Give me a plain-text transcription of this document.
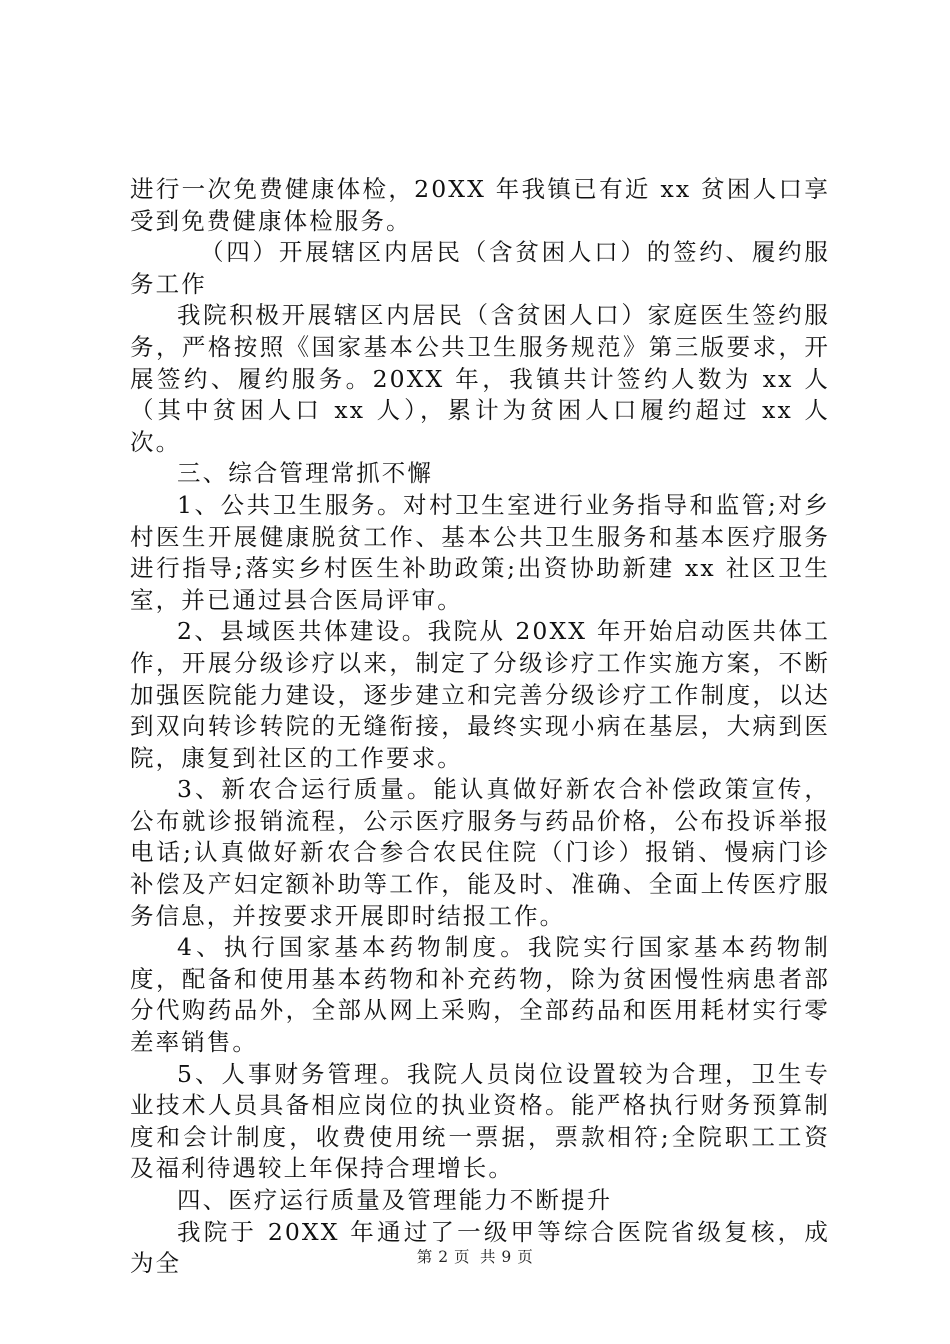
进行一次免费健康体检，20XX 年我镇已有近 xx 贫困人口享受到免费健康体检服务。

（四）开展辖区内居民（含贫困人口）的签约、履约服务工作

我院积极开展辖区内居民（含贫困人口）家庭医生签约服务，严格按照《国家基本公共卫生服务规范》第三版要求，开展签约、履约服务。20XX 年，我镇共计签约人数为 xx 人（其中贫困人口 xx 人），累计为贫困人口履约超过 xx 人次。

三、综合管理常抓不懈

1、公共卫生服务。对村卫生室进行业务指导和监管;对乡村医生开展健康脱贫工作、基本公共卫生服务和基本医疗服务进行指导;落实乡村医生补助政策;出资协助新建 xx 社区卫生室，并已通过县合医局评审。

2、县域医共体建设。我院从 20XX 年开始启动医共体工作，开展分级诊疗以来，制定了分级诊疗工作实施方案，不断加强医院能力建设，逐步建立和完善分级诊疗工作制度，以达到双向转诊转院的无缝衔接，最终实现小病在基层，大病到医院，康复到社区的工作要求。

3、新农合运行质量。能认真做好新农合补偿政策宣传，公布就诊报销流程，公示医疗服务与药品价格，公布投诉举报电话;认真做好新农合参合农民住院（门诊）报销、慢病门诊补偿及产妇定额补助等工作，能及时、准确、全面上传医疗服务信息，并按要求开展即时结报工作。

4、执行国家基本药物制度。我院实行国家基本药物制度，配备和使用基本药物和补充药物，除为贫困慢性病患者部分代购药品外，全部从网上采购，全部药品和医用耗材实行零差率销售。

5、人事财务管理。我院人员岗位设置较为合理，卫生专业技术人员具备相应岗位的执业资格。能严格执行财务预算制度和会计制度，收费使用统一票据，票款相符;全院职工工资及福利待遇较上年保持合理增长。

四、医疗运行质量及管理能力不断提升

我院于 20XX 年通过了一级甲等综合医院省级复核，成为全	第 2 页 共 9 页
